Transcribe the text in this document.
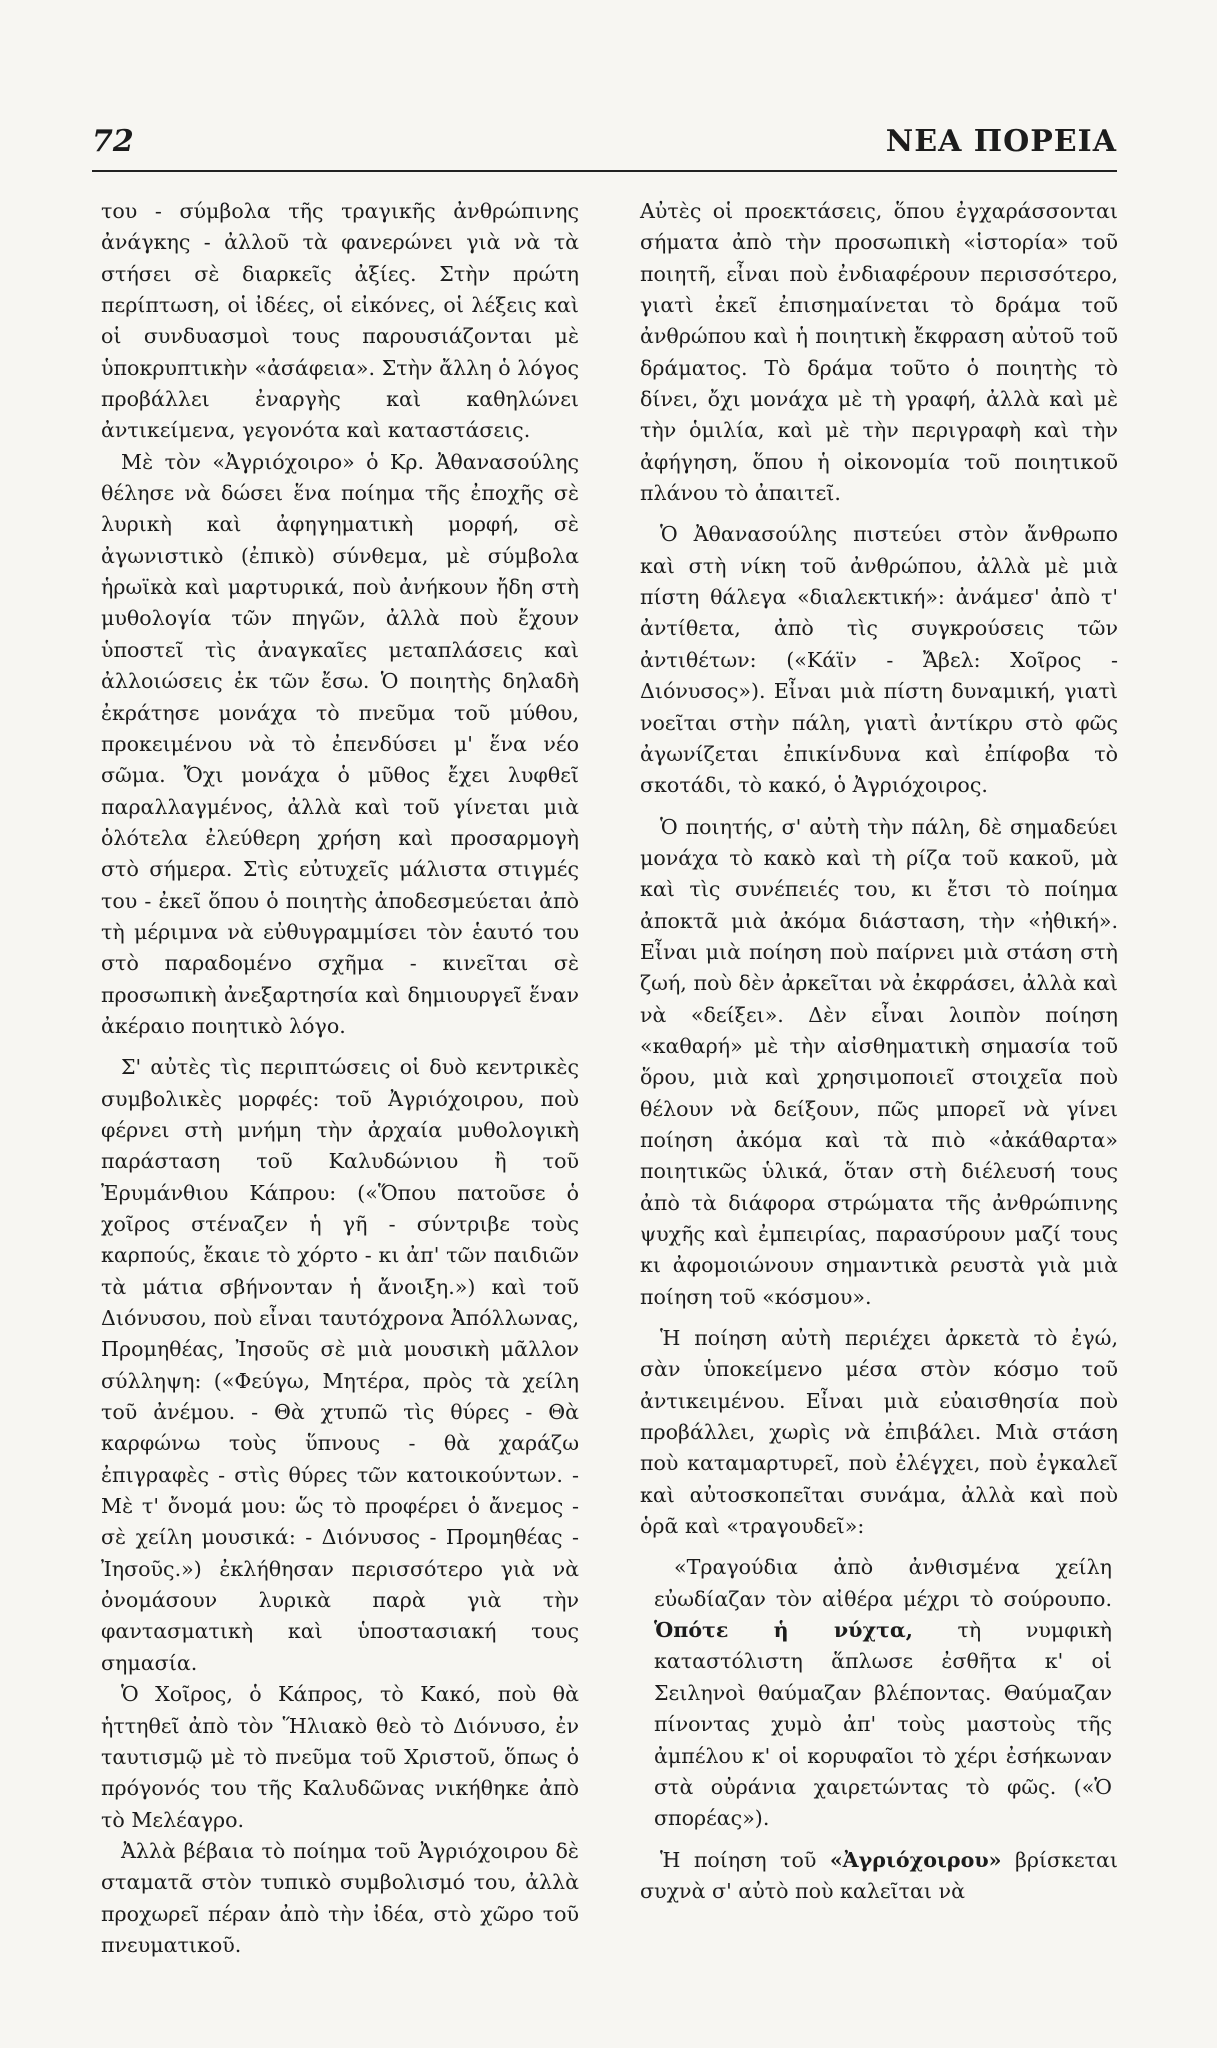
72	ΝΕΑ ΠΟΡΕΙΑ

του - σύμβολα τῆς τραγικῆς ἀνθρώπινης ἀνάγκης - ἀλλοῦ τὰ φανερώνει γιὰ νὰ τὰ στήσει σὲ διαρκεῖς ἀξίες. Στὴν πρώτη περίπτωση, οἱ ἰδέες, οἱ εἰκόνες, οἱ λέξεις καὶ οἱ συνδυασμοὶ τους παρουσιάζονται μὲ ὑποκρυπτικὴν «ἀσάφεια». Στὴν ἄλλη ὁ λόγος προβάλλει ἐναργὴς καὶ καθηλώνει ἀντικείμενα, γεγονότα καὶ καταστάσεις.

Μὲ τὸν «Ἀγριόχοιρο» ὁ Κρ. Ἀθανασούλης θέλησε νὰ δώσει ἕνα ποίημα τῆς ἐποχῆς σὲ λυρικὴ καὶ ἀφηγηματικὴ μορφή, σὲ ἀγωνιστικὸ (ἐπικὸ) σύνθεμα, μὲ σύμβολα ἡρωϊκὰ καὶ μαρτυρικά, ποὺ ἀνήκουν ἤδη στὴ μυθολογία τῶν πηγῶν, ἀλλὰ ποὺ ἔχουν ὑποστεῖ τὶς ἀναγκαῖες μεταπλάσεις καὶ ἀλλοιώσεις ἐκ τῶν ἔσω. Ὁ ποιητὴς δηλαδὴ ἐκράτησε μονάχα τὸ πνεῦμα τοῦ μύθου, προκειμένου νὰ τὸ ἐπενδύσει μ' ἕνα νέο σῶμα. Ὄχι μονάχα ὁ μῦθος ἔχει λυφθεῖ παραλλαγμένος, ἀλλὰ καὶ τοῦ γίνεται μιὰ ὁλότελα ἐλεύθερη χρήση καὶ προσαρμογὴ στὸ σήμερα. Στὶς εὐτυχεῖς μάλιστα στιγμές του - ἐκεῖ ὅπου ὁ ποιητὴς ἀποδεσμεύεται ἀπὸ τὴ μέριμνα νὰ εὐθυγραμμίσει τὸν ἑαυτό του στὸ παραδομένο σχῆμα - κινεῖται σὲ προσωπικὴ ἀνεξαρτησία καὶ δημιουργεῖ ἕναν ἀκέραιο ποιητικὸ λόγο.

Σ' αὐτὲς τὶς περιπτώσεις οἱ δυὸ κεντρικὲς συμβολικὲς μορφές: τοῦ Ἀγριόχοιρου, ποὺ φέρνει στὴ μνήμη τὴν ἀρχαία μυθολογικὴ παράσταση τοῦ Καλυδώνιου ἢ τοῦ Ἐρυμάνθιου Κάπρου: («Ὅπου πατοῦσε ὁ χοῖρος στέναζεν ἡ γῆ - σύντριβε τοὺς καρπούς, ἔκαιε τὸ χόρτο - κι ἀπ' τῶν παιδιῶν τὰ μάτια σβήνονταν ἡ ἄνοιξη.») καὶ τοῦ Διόνυσου, ποὺ εἶναι ταυτόχρονα Ἀπόλλωνας, Προμηθέας, Ἰησοῦς σὲ μιὰ μουσικὴ μᾶλλον σύλληψη: («Φεύγω, Μητέρα, πρὸς τὰ χείλη τοῦ ἀνέμου. - Θὰ χτυπῶ τὶς θύρες - Θὰ καρφώνω τοὺς ὕπνους - θὰ χαράζω ἐπιγραφὲς - στὶς θύρες τῶν κατοικούντων. - Μὲ τ' ὄνομά μου: ὥς τὸ προφέρει ὁ ἄνεμος - σὲ χείλη μουσικά: - Διόνυσος - Προμηθέας - Ἰησοῦς.») ἐκλήθησαν περισσότερο γιὰ νὰ ὀνομάσουν λυρικὰ παρὰ γιὰ τὴν φαντασματικὴ καὶ ὑποστασιακή τους σημασία.

Ὁ Χοῖρος, ὁ Κάπρος, τὸ Κακό, ποὺ θὰ ἡττηθεῖ ἀπὸ τὸν Ἥλιακὸ θεὸ τὸ Διόνυσο, ἐν ταυτισμῷ μὲ τὸ πνεῦμα τοῦ Χριστοῦ, ὅπως ὁ πρόγονός του τῆς Καλυδῶνας νικήθηκε ἀπὸ τὸ Μελέαγρο.

Ἀλλὰ βέβαια τὸ ποίημα τοῦ Ἀγριόχοιρου δὲ σταματᾶ στὸν τυπικὸ συμβολισμό του, ἀλλὰ προχωρεῖ πέραν ἀπὸ τὴν ἰδέα, στὸ χῶρο τοῦ πνευματικοῦ.

Αὐτὲς οἱ προεκτάσεις, ὅπου ἐγχαράσσονται σήματα ἀπὸ τὴν προσωπικὴ «ἱστορία» τοῦ ποιητῆ, εἶναι ποὺ ἐνδιαφέρουν περισσότερο, γιατὶ ἐκεῖ ἐπισημαίνεται τὸ δράμα τοῦ ἀνθρώπου καὶ ἡ ποιητικὴ ἔκφραση αὐτοῦ τοῦ δράματος. Τὸ δράμα τοῦτο ὁ ποιητὴς τὸ δίνει, ὄχι μονάχα μὲ τὴ γραφή, ἀλλὰ καὶ μὲ τὴν ὁμιλία, καὶ μὲ τὴν περιγραφὴ καὶ τὴν ἀφήγηση, ὅπου ἡ οἰκονομία τοῦ ποιητικοῦ πλάνου τὸ ἀπαιτεῖ.

Ὁ Ἀθανασούλης πιστεύει στὸν ἄνθρωπο καὶ στὴ νίκη τοῦ ἀνθρώπου, ἀλλὰ μὲ μιὰ πίστη θάλεγα «διαλεκτική»: ἀνάμεσ' ἀπὸ τ' ἀντίθετα, ἀπὸ τὶς συγκρούσεις τῶν ἀντιθέτων: («Κάϊν - Ἄβελ: Χοῖρος - Διόνυσος»). Εἶναι μιὰ πίστη δυναμική, γιατὶ νοεῖται στὴν πάλη, γιατὶ ἀντίκρυ στὸ φῶς ἀγωνίζεται ἐπικίνδυνα καὶ ἐπίφοβα τὸ σκοτάδι, τὸ κακό, ὁ Ἀγριόχοιρος.

Ὁ ποιητής, σ' αὐτὴ τὴν πάλη, δὲ σημαδεύει μονάχα τὸ κακὸ καὶ τὴ ρίζα τοῦ κακοῦ, μὰ καὶ τὶς συνέπειές του, κι ἔτσι τὸ ποίημα ἀποκτᾶ μιὰ ἀκόμα διάσταση, τὴν «ἠθική». Εἶναι μιὰ ποίηση ποὺ παίρνει μιὰ στάση στὴ ζωή, ποὺ δὲν ἀρκεῖται νὰ ἐκφράσει, ἀλλὰ καὶ νὰ «δείξει». Δὲν εἶναι λοιπὸν ποίηση «καθαρή» μὲ τὴν αἰσθηματικὴ σημασία τοῦ ὅρου, μιὰ καὶ χρησιμοποιεῖ στοιχεῖα ποὺ θέλουν νὰ δείξουν, πῶς μπορεῖ νὰ γίνει ποίηση ἀκόμα καὶ τὰ πιὸ «ἀκάθαρτα» ποιητικῶς ὑλικά, ὅταν στὴ διέλευσή τους ἀπὸ τὰ διάφορα στρώματα τῆς ἀνθρώπινης ψυχῆς καὶ ἐμπειρίας, παρασύρουν μαζί τους κι ἀφομοιώνουν σημαντικὰ ρευστὰ γιὰ μιὰ ποίηση τοῦ «κόσμου».

Ἡ ποίηση αὐτὴ περιέχει ἀρκετὰ τὸ ἐγώ, σὰν ὑποκείμενο μέσα στὸν κόσμο τοῦ ἀντικειμένου. Εἶναι μιὰ εὐαισθησία ποὺ προβάλλει, χωρὶς νὰ ἐπιβάλει. Μιὰ στάση ποὺ καταμαρτυρεῖ, ποὺ ἐλέγχει, ποὺ ἐγκαλεῖ καὶ αὐτοσκοπεῖται συνάμα, ἀλλὰ καὶ ποὺ ὁρᾶ καὶ «τραγουδεῖ»:

«Τραγούδια ἀπὸ ἀνθισμένα χείλη εὐωδίαζαν τὸν αἰθέρα μέχρι τὸ σούρουπο. Ὁπότε ἡ νύχτα, τὴ νυμφικὴ καταστόλιστη ἅπλωσε ἐσθῆτα κ' οἱ Σειληνοὶ θαύμαζαν βλέποντας. Θαύμαζαν πίνοντας χυμὸ ἀπ' τοὺς μαστοὺς τῆς ἀμπέλου κ' οἱ κορυφαῖοι τὸ χέρι ἐσήκωναν στὰ οὐράνια χαιρετώντας τὸ φῶς. («Ὁ σπορέας»).

Ἡ ποίηση τοῦ «Ἀγριόχοιρου» βρίσκεται συχνὰ σ' αὐτὸ ποὺ καλεῖται νὰ
